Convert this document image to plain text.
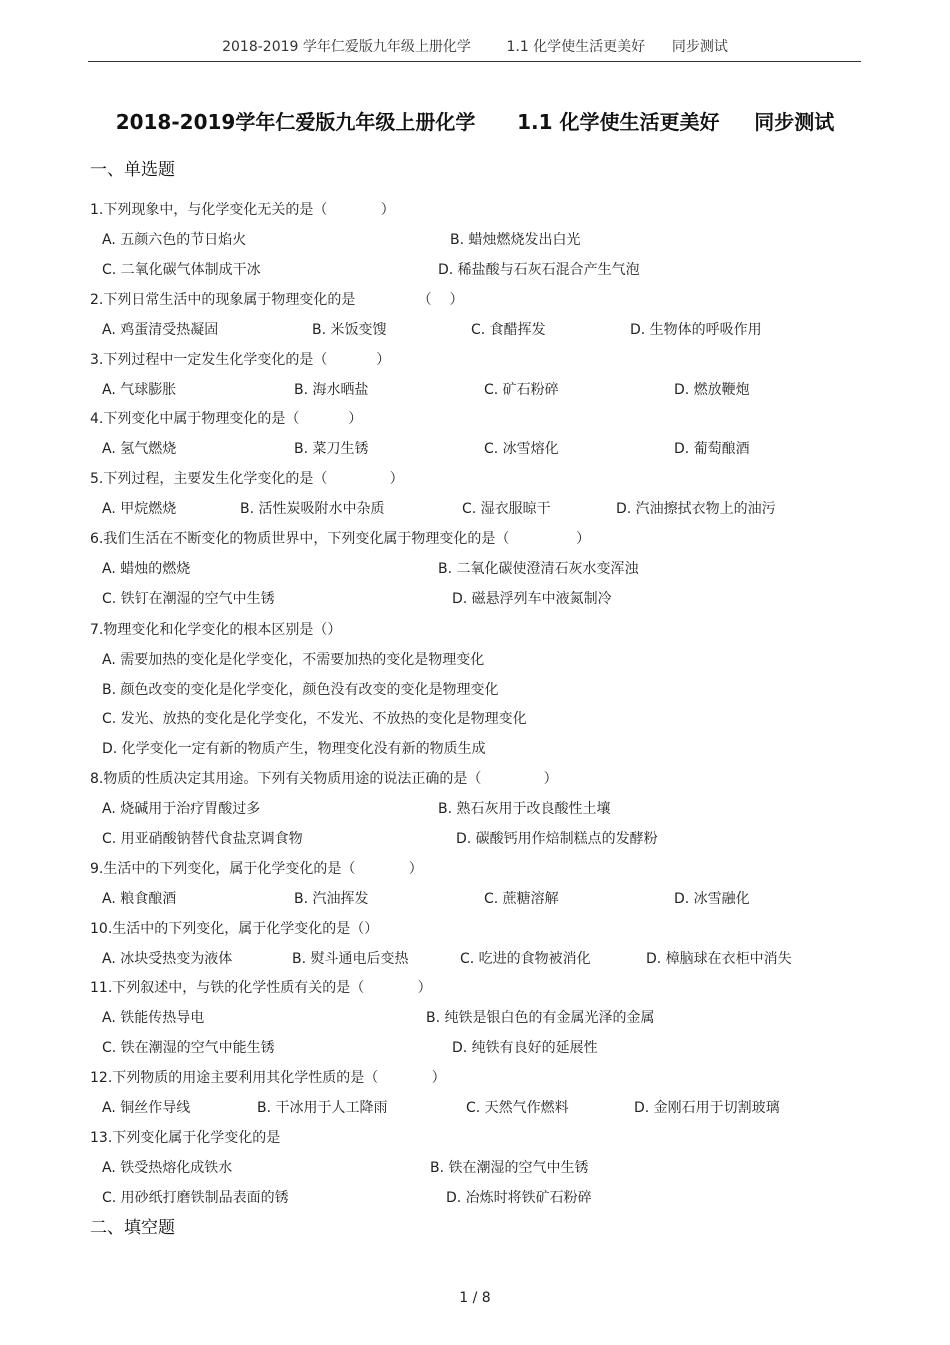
2018-2019 学年仁爱版九年级上册化学        1.1 化学使生活更美好      同步测试
2018-2019学年仁爱版九年级上册化学      1.1 化学使生活更美好     同步测试
一、单选题
1.下列现象中，与化学变化无关的是（            ）
A. 五颜六色的节日焰火	B. 蜡烛燃烧发出白光
C. 二氧化碳气体制成干冰	D. 稀盐酸与石灰石混合产生气泡
2.下列日常生活中的现象属于物理变化的是              （    ）
A. 鸡蛋清受热凝固	B. 米饭变馊	C. 食醋挥发	D. 生物体的呼吸作用
3.下列过程中一定发生化学变化的是（           ）
A. 气球膨胀	B. 海水晒盐	C. 矿石粉碎	D. 燃放鞭炮
4.下列变化中属于物理变化的是（           ）
A. 氢气燃烧	B. 菜刀生锈	C. 冰雪熔化	D. 葡萄酿酒
5.下列过程，主要发生化学变化的是（              ）
A. 甲烷燃烧	B. 活性炭吸附水中杂质	C. 湿衣服晾干	D. 汽油擦拭衣物上的油污
6.我们生活在不断变化的物质世界中，下列变化属于物理变化的是（               ）
A. 蜡烛的燃烧	B. 二氧化碳使澄清石灰水变浑浊
C. 铁钉在潮湿的空气中生锈	D. 磁悬浮列车中液氮制冷
7.物理变化和化学变化的根本区别是（）
A. 需要加热的变化是化学变化，不需要加热的变化是物理变化
B. 颜色改变的变化是化学变化，颜色没有改变的变化是物理变化
C. 发光、放热的变化是化学变化，不发光、不放热的变化是物理变化
D. 化学变化一定有新的物质产生，物理变化没有新的物质生成
8.物质的性质决定其用途。下列有关物质用途的说法正确的是（              ）
A. 烧碱用于治疗胃酸过多	B. 熟石灰用于改良酸性土壤
C. 用亚硝酸钠替代食盐烹调食物	D. 碳酸钙用作焙制糕点的发酵粉
9.生活中的下列变化，属于化学变化的是（            ）
A. 粮食酿酒	B. 汽油挥发	C. 蔗糖溶解	D. 冰雪融化
10.生活中的下列变化，属于化学变化的是（）
A. 冰块受热变为液体	B. 熨斗通电后变热	C. 吃进的食物被消化	D. 樟脑球在衣柜中消失
11.下列叙述中，与铁的化学性质有关的是（            ）
A. 铁能传热导电	B. 纯铁是银白色的有金属光泽的金属
C. 铁在潮湿的空气中能生锈	D. 纯铁有良好的延展性
12.下列物质的用途主要利用其化学性质的是（            ）
A. 铜丝作导线	B. 干冰用于人工降雨	C. 天然气作燃料	D. 金刚石用于切割玻璃
13.下列变化属于化学变化的是
A. 铁受热熔化成铁水	B. 铁在潮湿的空气中生锈
C. 用砂纸打磨铁制品表面的锈	D. 冶炼时将铁矿石粉碎
二、填空题
1 / 8
